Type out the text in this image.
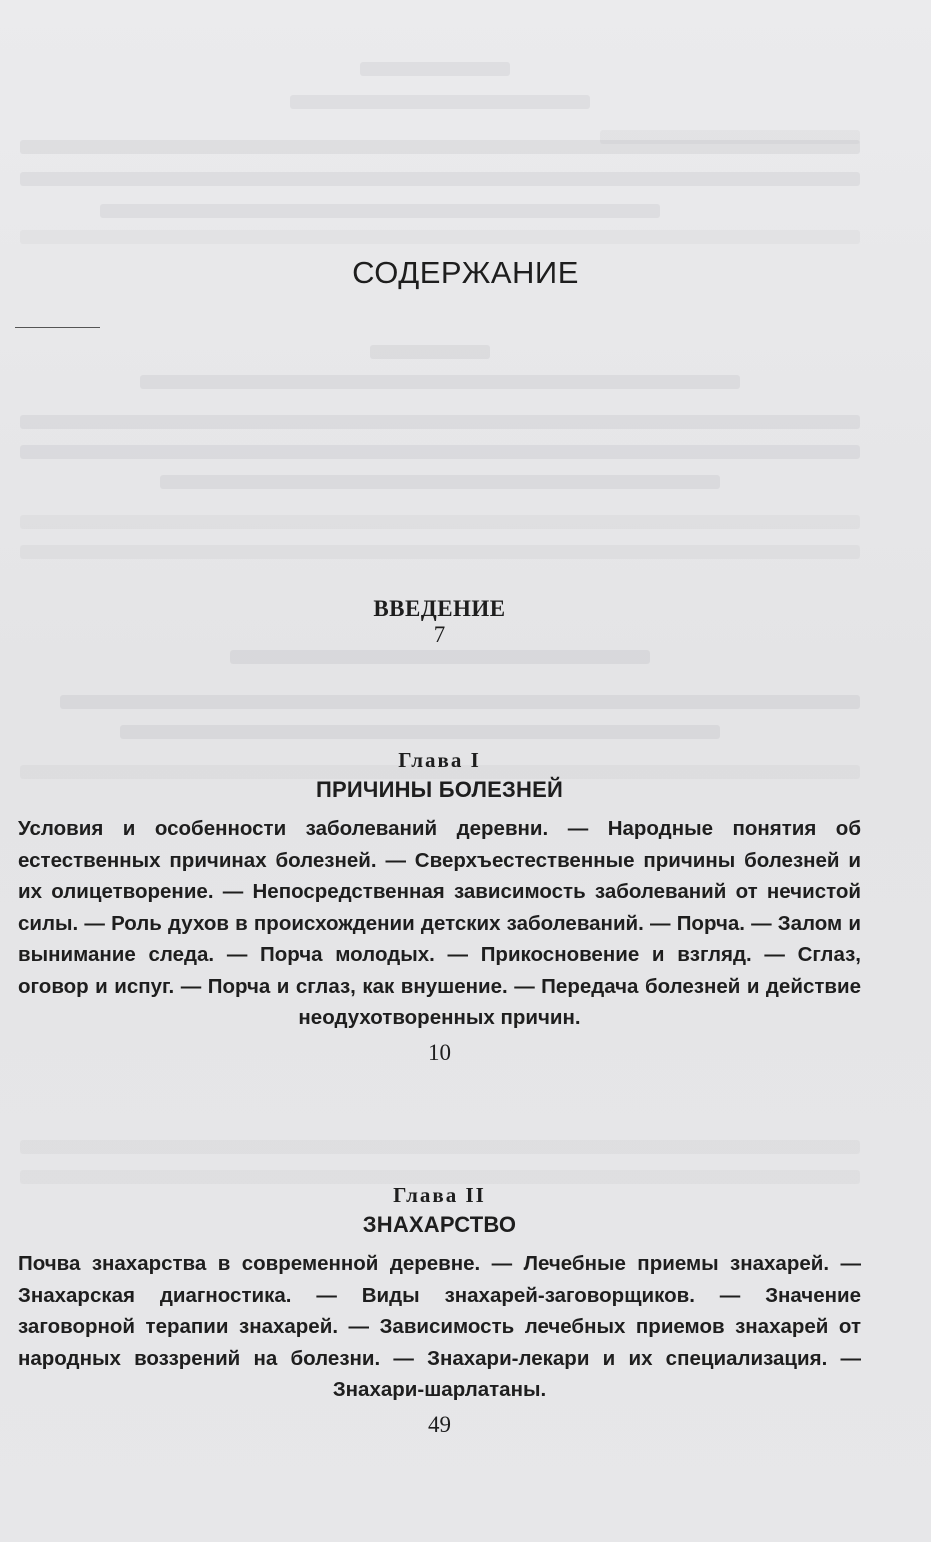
СОДЕРЖАНИЕ
ВВЕДЕНИЕ
7
Глава I
ПРИЧИНЫ БОЛЕЗНЕЙ

Условия и особенности заболеваний деревни. — Народные понятия об естественных причинах болезней. — Сверхъестественные причины болезней и их олицетворение. — Непосредственная зависимость заболеваний от нечистой силы. — Роль духов в происхождении детских заболеваний. — Порча. — Залом и вынимание следа. — Порча молодых. — Прикосновение и взгляд. — Сглаз, оговор и испуг. — Порча и сглаз, как внушение. — Передача болезней и действие неодухотворенных причин.

10
Глава II
ЗНАХАРСТВО

Почва знахарства в современной деревне. — Лечебные приемы знахарей. — Знахарская диагностика. — Виды знахарей-заговорщиков. — Значение заговорной терапии знахарей. — Зависимость лечебных приемов знахарей от народных воззрений на болезни. — Знахари-лекари и их специализация. — Знахари-шарлатаны.

49
